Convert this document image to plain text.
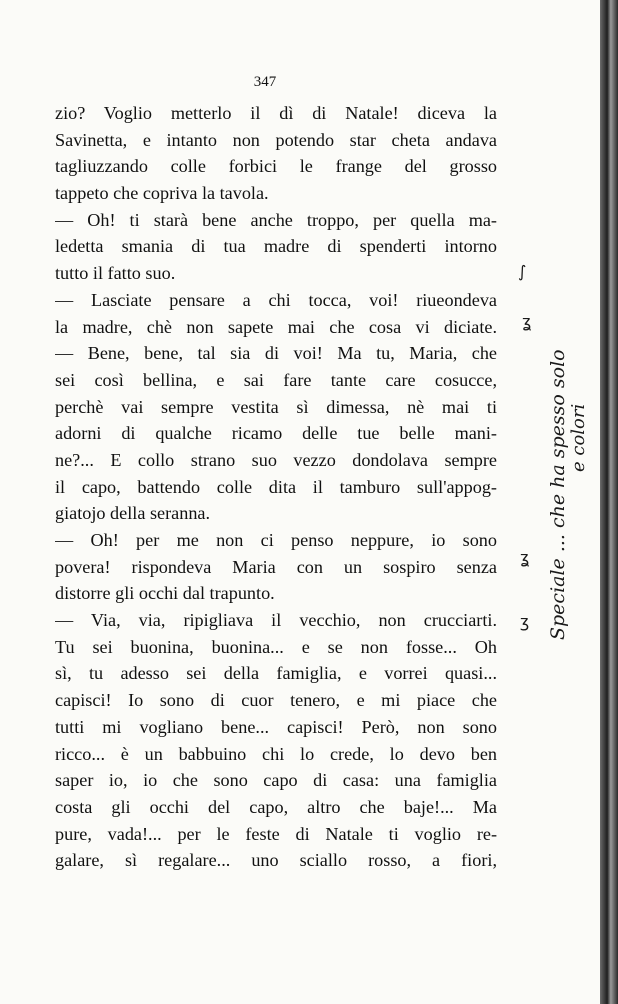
347
zio? Voglio metterlo il dì di Natale! diceva la
Savinetta, e intanto non potendo star cheta andava
tagliuzzando colle forbici le frange del grosso
tappeto che copriva la tavola.
— Oh! ti starà bene anche troppo, per quella ma-
ledetta smania di tua madre di spenderti intorno
tutto il fatto suo.
— Lasciate pensare a chi tocca, voi! riueondeva
la madre, chè non sapete mai che cosa vi diciate.
— Bene, bene, tal sia di voi! Ma tu, Maria, che
sei così bellina, e sai fare tante care cosucce,
perchè vai sempre vestita sì dimessa, nè mai ti
adorni di qualche ricamo delle tue belle mani-
ne?... E collo strano suo vezzo dondolava sempre
il capo, battendo colle dita il tamburo sull'appog-
giatojo della seranna.
— Oh! per me non ci penso neppure, io sono
povera! rispondeva Maria con un sospiro senza
distorre gli occhi dal trapunto.
— Via, via, ripigliava il vecchio, non crucciarti.
Tu sei buonina, buonina... e se non fosse... Oh
sì, tu adesso sei della famiglia, e vorrei quasi...
capisci! Io sono di cuor tenero, e mi piace che
tutti mi vogliano bene... capisci! Però, non sono
ricco... è un babbuino chi lo crede, lo devo ben
saper io, io che sono capo di casa: una famiglia
costa gli occhi del capo, altro che baje!... Ma
pure, vada!... per le feste di Natale ti voglio re-
galare, sì regalare... uno sciallo rosso, a fiori,
Speciale ... che ha spesso solo e colori
∫
ʓ
ʓ
ʒ
